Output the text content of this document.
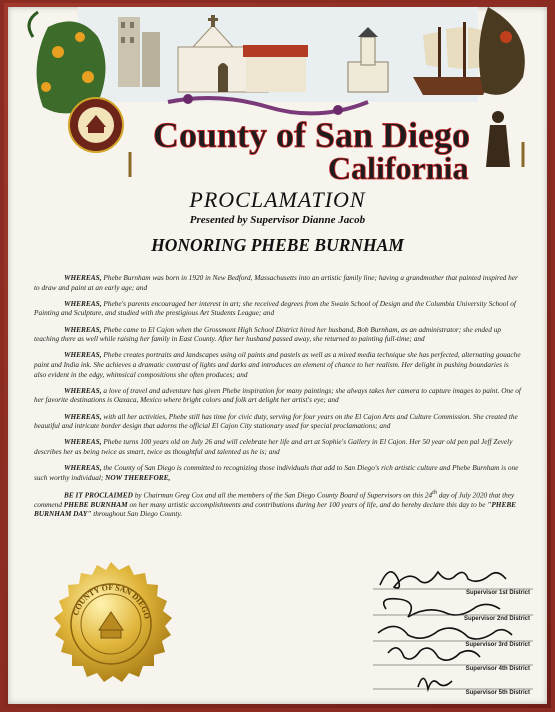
County of San Diego
California
PROCLAMATION
Presented by Supervisor Dianne Jacob
HONORING PHEBE BURNHAM

WHEREAS, Phebe Burnham was born in 1920 in New Bedford, Massachusetts into an artistic family line; having a grandmother that painted inspired her to draw and paint at an early age; and

WHEREAS, Phebe's parents encouraged her interest in art; she received degrees from the Swain School of Design and the Columbia University School of Painting and Sculpture, and studied with the prestigious Art Students League; and

WHEREAS, Phebe came to El Cajon when the Grossmont High School District hired her husband, Bob Burnham, as an administrator; she ended up teaching there as well while raising her family in East County. After her husband passed away, she returned to painting full-time; and

WHEREAS, Phebe creates portraits and landscapes using oil paints and pastels as well as a mixed media technique she has perfected, alternating gouache paint and India ink. She achieves a dramatic contrast of lights and darks and introduces an element of chance to her realism. Her delight in pushing boundaries is also evident in the edgy, whimsical compositions she often produces; and

WHEREAS, a love of travel and adventure has given Phebe inspiration for many paintings; she always takes her camera to capture images to paint. One of her favorite destinations is Oaxaca, Mexico where bright colors and folk art delight her artist's eye; and

WHEREAS, with all her activities, Phebe still has time for civic duty, serving for four years on the El Cajon Arts and Culture Commission. She created the beautiful and intricate border design that adorns the official El Cajon City stationary used for special proclamations; and

WHEREAS, Phebe turns 100 years old on July 26 and will celebrate her life and art at Sophie's Gallery in El Cajon. Her 50 year old pen pal Jeff Zevely describes her as being twice as smart, twice as thoughtful and talented as he is; and

WHEREAS, the County of San Diego is committed to recognizing those individuals that add to San Diego's rich artistic culture and Phebe Burnham is one such worthy individual; NOW THEREFORE,

BE IT PROCLAIMED by Chairman Greg Cox and all the members of the San Diego County Board of Supervisors on this 24th day of July 2020 that they commend PHEBE BURNHAM on her many artistic accomplishments and contributions during her 100 years of life, and do hereby declare this day to be "PHEBE BURNHAM DAY" throughout San Diego County.

COUNTY OF SAN DIEGO
Supervisor 1st District
Supervisor 2nd District
Supervisor 3rd District
Supervisor 4th District
Supervisor 5th District
